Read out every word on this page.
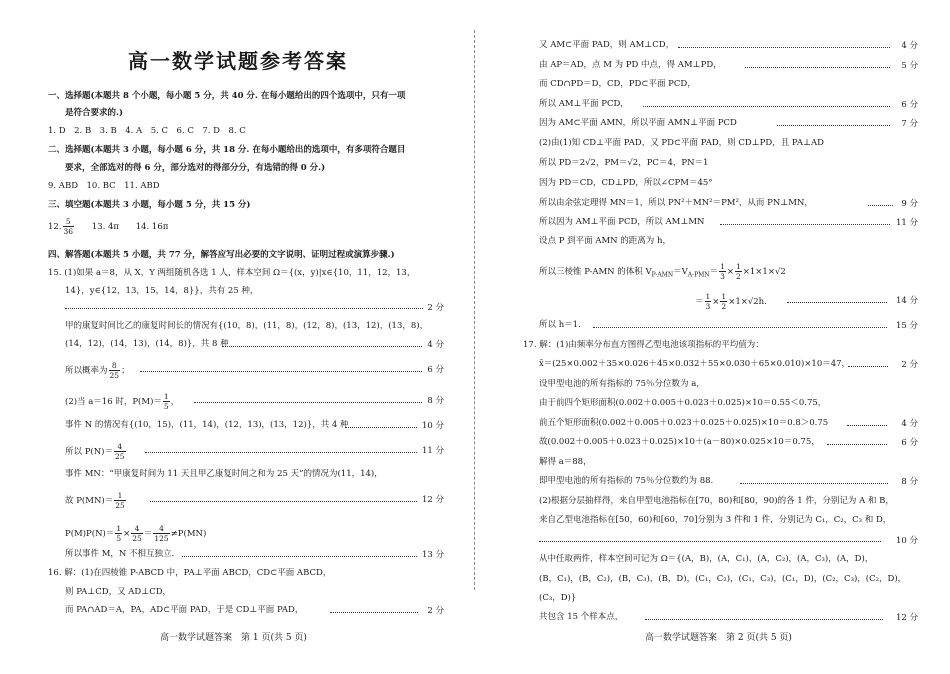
高一数学试题参考答案
一、选择题(本题共 8 个小题，每小题 5 分，共 40 分. 在每小题给出的四个选项中，只有一项
是符合要求的.)
1. D　2. B　3. B　4. A　5. C　6. C　7. D　8. C
二、选择题(本题共 3 小题，每小题 6 分，共 18 分. 在每小题给出的选项中，有多项符合题目
要求，全部选对的得 6 分，部分选对的得部分分，有选错的得 0 分.)
9. ABD　10. BC　11. ABD
三、填空题(本题共 3 小题，每小题 5 分，共 15 分)
12. $\frac{5}{36} 13$. 4π 14. 16π
四、解答题(本题共 5 小题，共 77 分，解答应写出必要的文字说明、证明过程或演算步骤.)
15. (1)如果 a＝8，从 X，Y 两组随机各选 1 人，样本空间 Ω＝{(x，y)|x∈{10，11，12，13，
14}，y∈{12，13，15，14，8}}，共有 25 种，
2 分
甲的康复时间比乙的康复时间长的情况有{(10，8)，(11，8)，(12，8)，(13，12)，(13，8)，
(14，12)，(14，13)，(14，8)}，共 8 种	4 分
所以概率为 $\frac{8}{25}$ ；	6 分
(2)当 a＝16 时，$P(M)= \frac{1}{5}$ ，	8 分
事件 N 的情况有{(10，15)，(11，14)，(12，13)，(13，12)}，共 4 种	10 分
所以 $P(N)= \frac{4}{25}$	11 分
事件 MN：“甲康复时间为 11 天且甲乙康复时间之和为 25 天”的情况为(11，14)，
故 $P(MN)= \frac{1}{25}$	12 分
$P(M)P(N)= \frac{1}{5} \times \frac{4}{25} = \frac{4}{125} \ne P(MN)$
所以事件 M，N 不相互独立.	13 分
16. 解：(1)在四棱锥 P-ABCD 中，PA⊥平面 ABCD，CD⊂平面 ABCD，
则 PA⊥CD，又 AD⊥CD，
而 PA∩AD＝A，PA，AD⊂平面 PAD，于是 CD⊥平面 PAD，	2 分
高一数学试题答案　第 1 页(共 5 页)
又 AM⊂平面 PAD，则 AM⊥CD，	4 分
由 AP＝AD，点 M 为 PD 中点，得 AM⊥PD，	5 分
而 CD∩PD＝D，CD，PD⊂平面 PCD，
所以 AM⊥平面 PCD，	6 分
因为 AM⊂平面 AMN，所以平面 AMN⊥平面 PCD	7 分
(2)由(1)知 CD⊥平面 PAD，又 PD⊂平面 PAD，则 CD⊥PD，且 PA⊥AD
所以 PD＝2√2，PM＝√2，PC＝4，PN＝1
因为 PD＝CD，CD⊥PD，所以∠CPM＝45°
所以由余弦定理得 MN＝1，所以 PN²＋MN²＝PM²，从而 PN⊥MN，	9 分
所以因为 AM⊥平面 PCD，所以 AM⊥MN	11 分
设点 P 到平面 AMN 的距离为 h，
所以三棱锥 P-AMN 的体积 $V_{P-AMN}=V_{A-PMN}= \frac{1}{3} \times \frac{1}{2} \times 1\times 1\times√2$
＝ $\frac{1}{3} \times \frac{1}{2} \times 1\times√2h$.	14 分
所以 h＝1.	15 分
17. 解：(1)由频率分布直方图得乙型电池该项指标的平均值为：
x̄＝(25×0.002＋35×0.026＋45×0.032＋55×0.030＋65×0.010)×10＝47，	2 分
设甲型电池的所有指标的 75％分位数为 a，
由于前四个矩形面积(0.002＋0.005＋0.023＋0.025)×10＝0.55＜0.75，
前五个矩形面积(0.002＋0.005＋0.023＋0.025＋0.025)×10＝0.8＞0.75	4 分
故(0.002＋0.005＋0.023＋0.025)×10＋(a－80)×0.025×10＝0.75，	6 分
解得 a＝88，
即甲型电池的所有指标的 75％分位数约为 88.	8 分
(2)根据分层抽样得，来自甲型电池指标在[70，80)和[80，90)的各 1 件，分别记为 A 和 B，
来自乙型电池指标在[50，60)和[60，70]分别为 3 件和 1 件，分别记为 C₁，C₂，C₃ 和 D，
10 分
从中任取两件，样本空间可记为 Ω＝{(A，B)，(A，C₁)，(A，C₂)，(A，C₃)，(A，D)，
(B，C₁)，(B，C₂)，(B，C₃)，(B，D)，(C₁，C₂)，(C₁，C₃)，(C₁，D)，(C₂，C₃)，(C₂，D)，
(C₃，D)}
共包含 15 个样本点，	12 分
高一数学试题答案　第 2 页(共 5 页)
